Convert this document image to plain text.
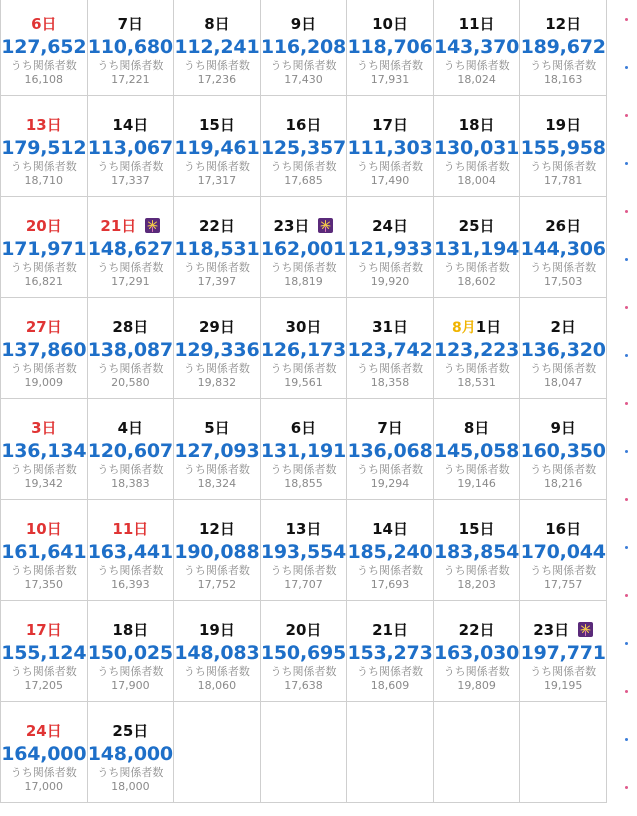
6日
127,652
うち関係者数
16,108	7日
110,680
うち関係者数
17,221	8日
112,241
うち関係者数
17,236	9日
116,208
うち関係者数
17,430	10日
118,706
うち関係者数
17,931	11日
143,370
うち関係者数
18,024	12日
189,672
うち関係者数
18,163

13日
179,512
うち関係者数
18,710	14日
113,067
うち関係者数
17,337	15日
119,461
うち関係者数
17,317	16日
125,357
うち関係者数
17,685	17日
111,303
うち関係者数
17,490	18日
130,031
うち関係者数
18,004	19日
155,958
うち関係者数
17,781

20日
171,971
うち関係者数
16,821	21日
148,627
うち関係者数
17,291	22日
118,531
うち関係者数
17,397	23日
162,001
うち関係者数
18,819	24日
121,933
うち関係者数
19,920	25日
131,194
うち関係者数
18,602	26日
144,306
うち関係者数
17,503

27日
137,860
うち関係者数
19,009	28日
138,087
うち関係者数
20,580	29日
129,336
うち関係者数
19,832	30日
126,173
うち関係者数
19,561	31日
123,742
うち関係者数
18,358	8月1日
123,223
うち関係者数
18,531	2日
136,320
うち関係者数
18,047

3日
136,134
うち関係者数
19,342	4日
120,607
うち関係者数
18,383	5日
127,093
うち関係者数
18,324	6日
131,191
うち関係者数
18,855	7日
136,068
うち関係者数
19,294	8日
145,058
うち関係者数
19,146	9日
160,350
うち関係者数
18,216

10日
161,641
うち関係者数
17,350	11日
163,441
うち関係者数
16,393	12日
190,088
うち関係者数
17,752	13日
193,554
うち関係者数
17,707	14日
185,240
うち関係者数
17,693	15日
183,854
うち関係者数
18,203	16日
170,044
うち関係者数
17,757

17日
155,124
うち関係者数
17,205	18日
150,025
うち関係者数
17,900	19日
148,083
うち関係者数
18,060	20日
150,695
うち関係者数
17,638	21日
153,273
うち関係者数
18,609	22日
163,030
うち関係者数
19,809	23日
197,771
うち関係者数
19,195

24日
164,000
うち関係者数
17,000	25日
148,000
うち関係者数
18,000					
